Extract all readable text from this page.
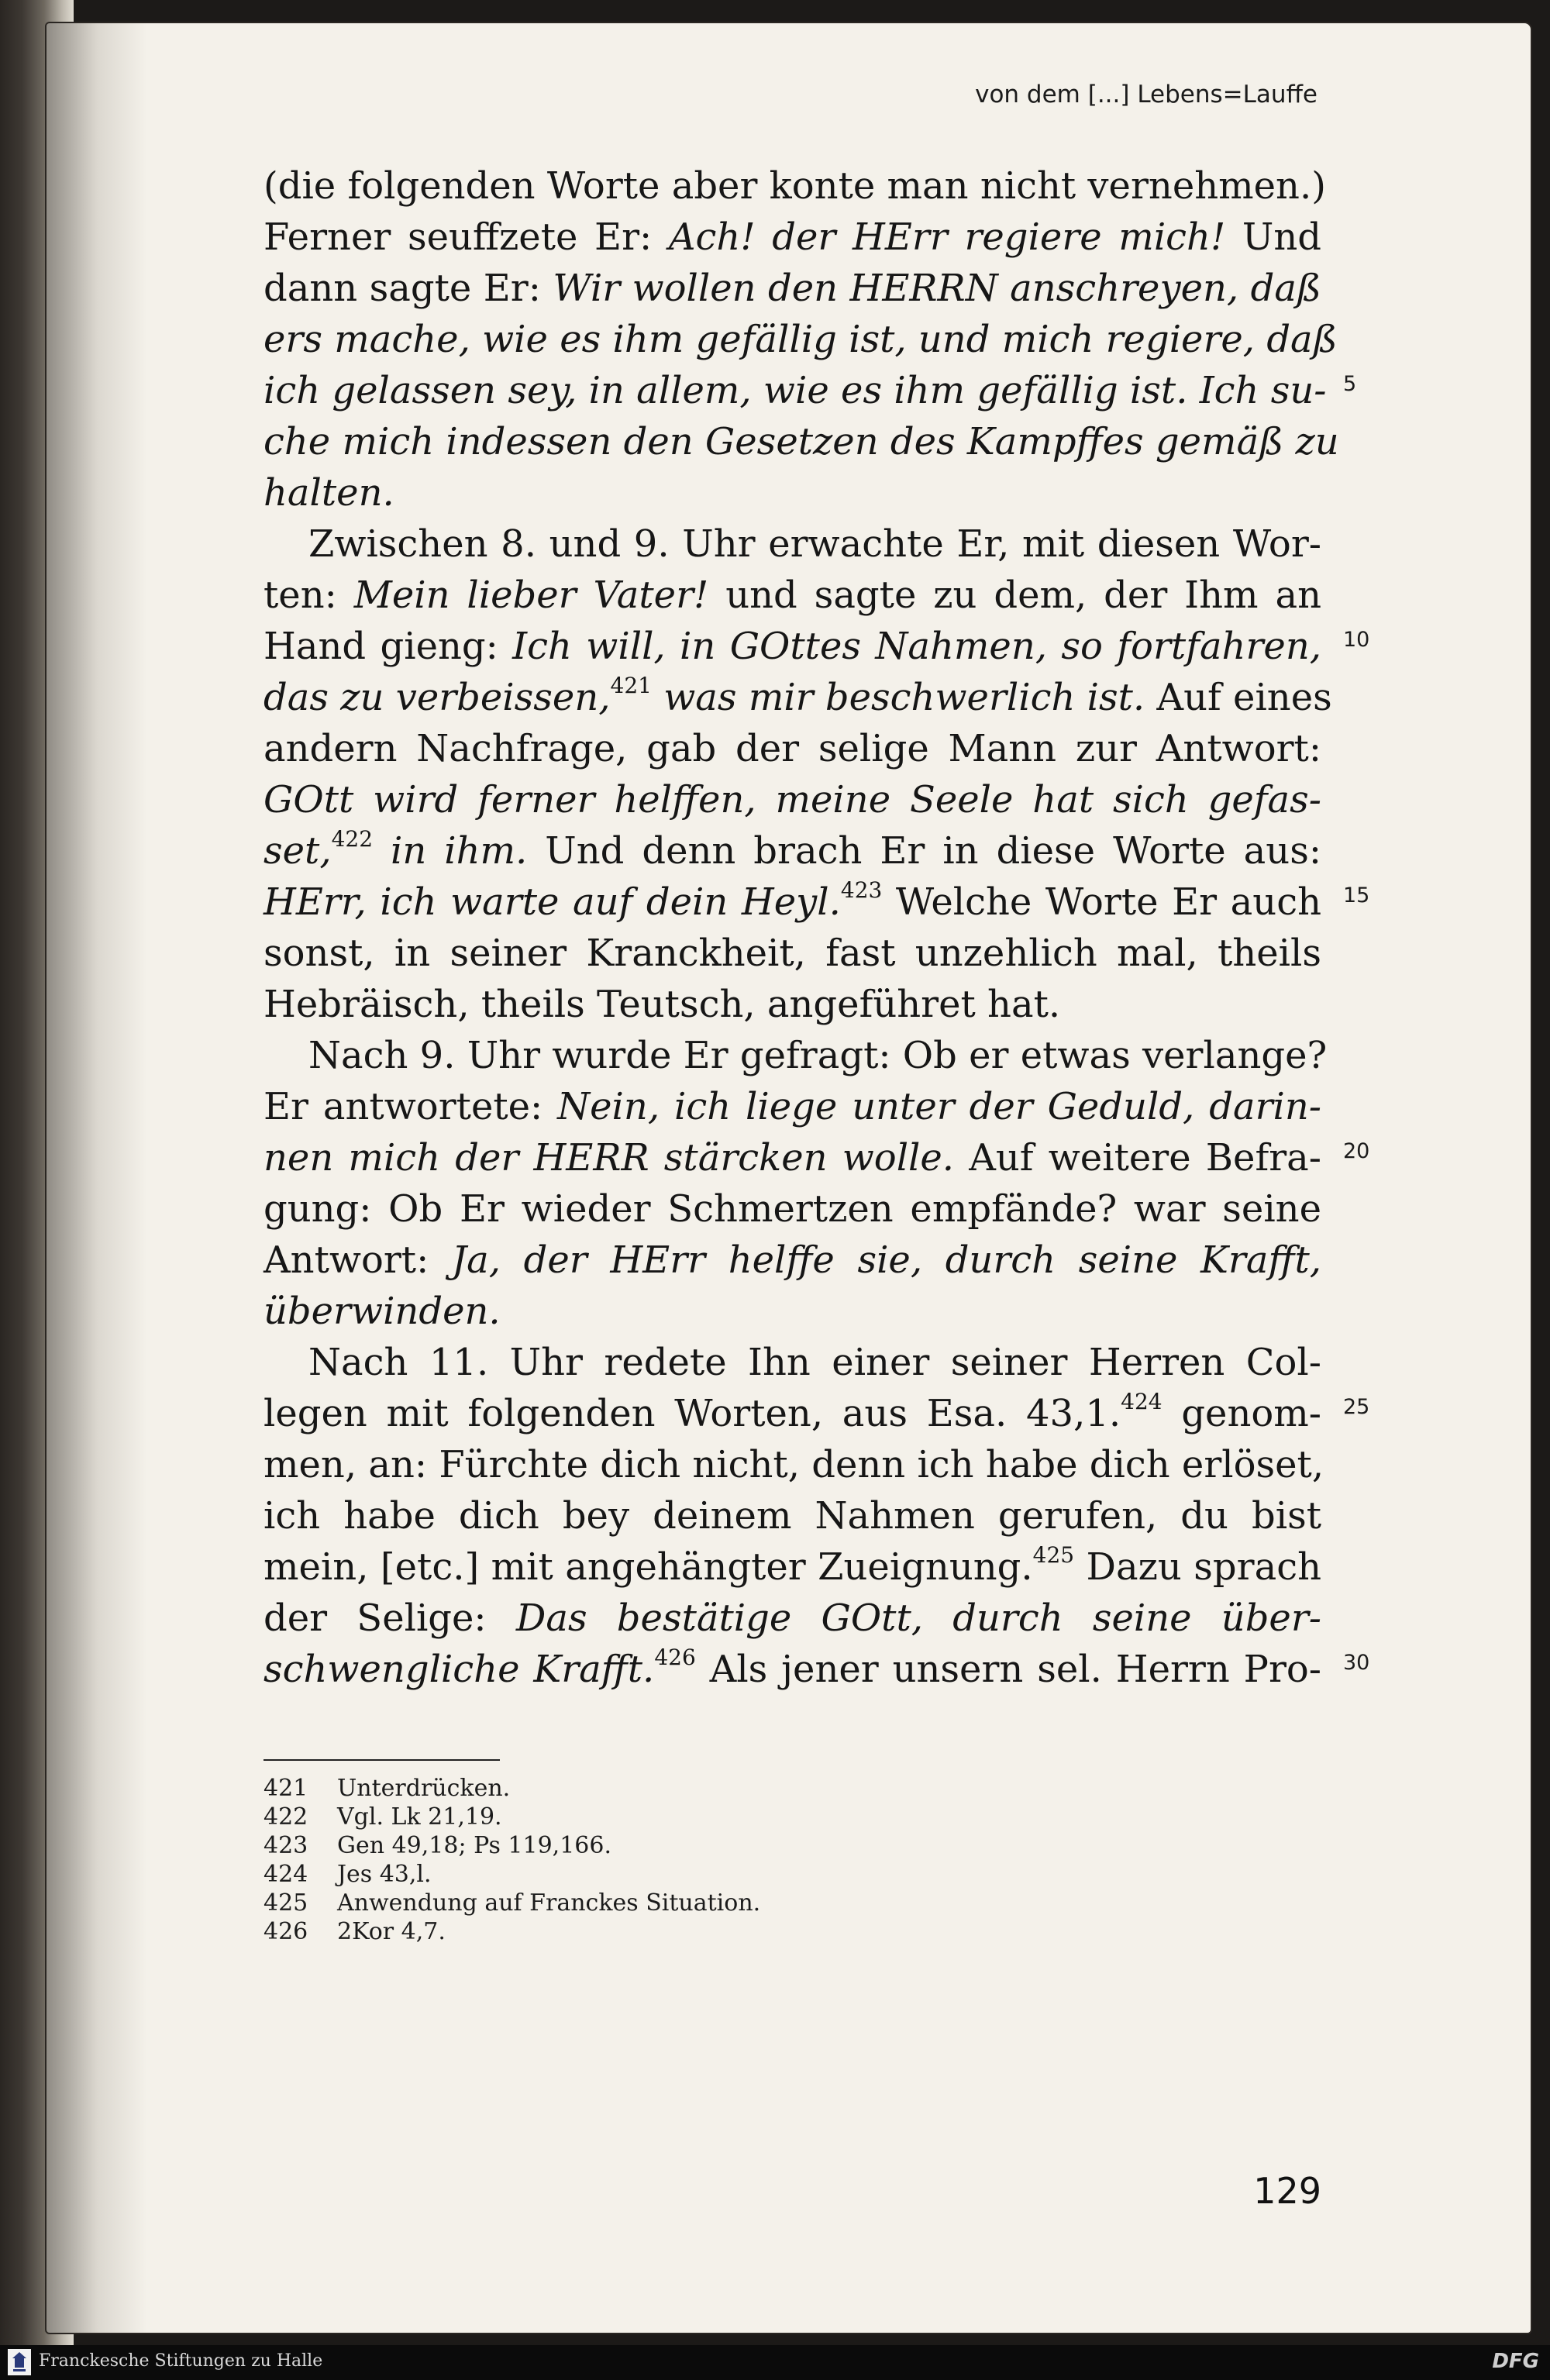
von dem [...] Lebens=Lauffe
(die folgenden Worte aber konte man nicht vernehmen.)
Ferner seuffzete Er: Ach! der HErr regiere mich! Und
dann sagte Er: Wir wollen den HERRN anschreyen, daß
ers mache, wie es ihm gefällig ist, und mich regiere, daß
ich gelassen sey, in allem, wie es ihm gefällig ist. Ich su-
che mich indessen den Gesetzen des Kampffes gemäß zu
halten.
Zwischen 8. und 9. Uhr erwachte Er, mit diesen Wor-
ten: Mein lieber Vater! und sagte zu dem, der Ihm an
Hand gieng: Ich will, in GOttes Nahmen, so fortfahren,
das zu verbeissen,$^{421}$ was mir beschwerlich ist. Auf eines
andern Nachfrage, gab der selige Mann zur Antwort:
GOtt wird ferner helffen, meine Seele hat sich gefas-
set,$^{422}$ in ihm. Und denn brach Er in diese Worte aus:
HErr, ich warte auf dein Heyl.$^{423}$ Welche Worte Er auch
sonst, in seiner Kranckheit, fast unzehlich mal, theils
Hebräisch, theils Teutsch, angeführet hat.
Nach 9. Uhr wurde Er gefragt: Ob er etwas verlange?
Er antwortete: Nein, ich liege unter der Geduld, darin-
nen mich der HERR stärcken wolle. Auf weitere Befra-
gung: Ob Er wieder Schmertzen empfände? war seine
Antwort: Ja, der HErr helffe sie, durch seine Krafft,
überwinden.
Nach 11. Uhr redete Ihn einer seiner Herren Col-
legen mit folgenden Worten, aus Esa. 43,1.$^{424}$ genom-
men, an: Fürchte dich nicht, denn ich habe dich erlöset,
ich habe dich bey deinem Nahmen gerufen, du bist
mein, [etc.] mit angehängter Zueignung.$^{425}$ Dazu sprach
der Selige: Das bestätige GOtt, durch seine über-
schwengliche Krafft.$^{426}$ Als jener unsern sel. Herrn Pro-
5
10
15
20
25
30
421 Unterdrücken.
422 Vgl. Lk 21,19.
423 Gen 49,18; Ps 119,166.
424 Jes 43,l.
425 Anwendung auf Franckes Situation.
426 2Kor 4,7.
129
Franckesche Stiftungen zu Halle	DFG
